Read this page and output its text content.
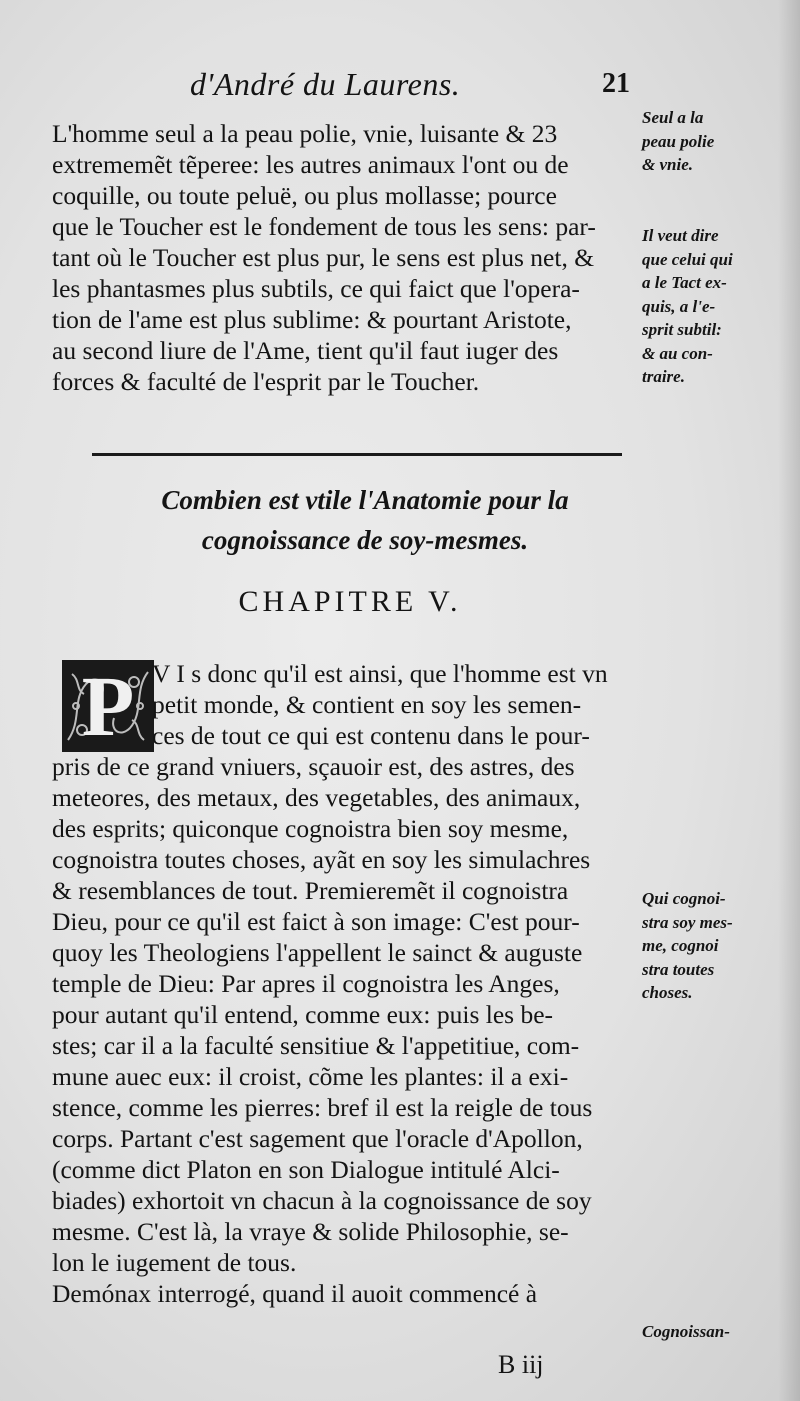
d'André du Laurens.	21
L'homme seul a la peau polie, vnie, luisante & 23
extrememẽt tẽperee: les autres animaux l'ont ou de
coquille, ou toute peluë, ou plus mollasse; pource
que le Toucher est le fondement de tous les sens: par-
tant où le Toucher est plus pur, le sens est plus net, &
les phantasmes plus subtils, ce qui faict que l'opera-
tion de l'ame est plus sublime: & pourtant Aristote,
au second liure de l'Ame, tient qu'il faut iuger des
forces & faculté de l'esprit par le Toucher.
Seul a la
peau polie
& vnie.
Il veut dire
que celui qui
a le Tact ex-
quis, a l'e-
sprit subtil:
& au con-
traire.
Combien est vtile l'Anatomie pour la
cognoissance de soy-mesmes.
CHAPITRE V.
P V I s donc qu'il est ainsi, que l'homme est vn
petit monde, & contient en soy les semen-
ces de tout ce qui est contenu dans le pour-
pris de ce grand vniuers, sçauoir est, des astres, des
meteores, des metaux, des vegetables, des animaux,
des esprits; quiconque cognoistra bien soy mesme,
cognoistra toutes choses, ayãt en soy les simulachres
& resemblances de tout. Premieremẽt il cognoistra
Dieu, pour ce qu'il est faict à son image: C'est pour-
quoy les Theologiens l'appellent le sainct & auguste
temple de Dieu: Par apres il cognoistra les Anges,
pour autant qu'il entend, comme eux: puis les be-
stes; car il a la faculté sensitiue & l'appetitiue, com-
mune auec eux: il croist, cõme les plantes: il a exi-
stence, comme les pierres: bref il est la reigle de tous
corps. Partant c'est sagement que l'oracle d'Apollon,
(comme dict Platon en son Dialogue intitulé Alci-
biades) exhortoit vn chacun à la cognoissance de soy
mesme. C'est là, la vraye & solide Philosophie, se-
lon le iugement de tous.
Demónax interrogé, quand il auoit commencé à
Qui cognoi-
stra soy mes-
me, cognoi
stra toutes
choses.
Cognoissan-
B iij
